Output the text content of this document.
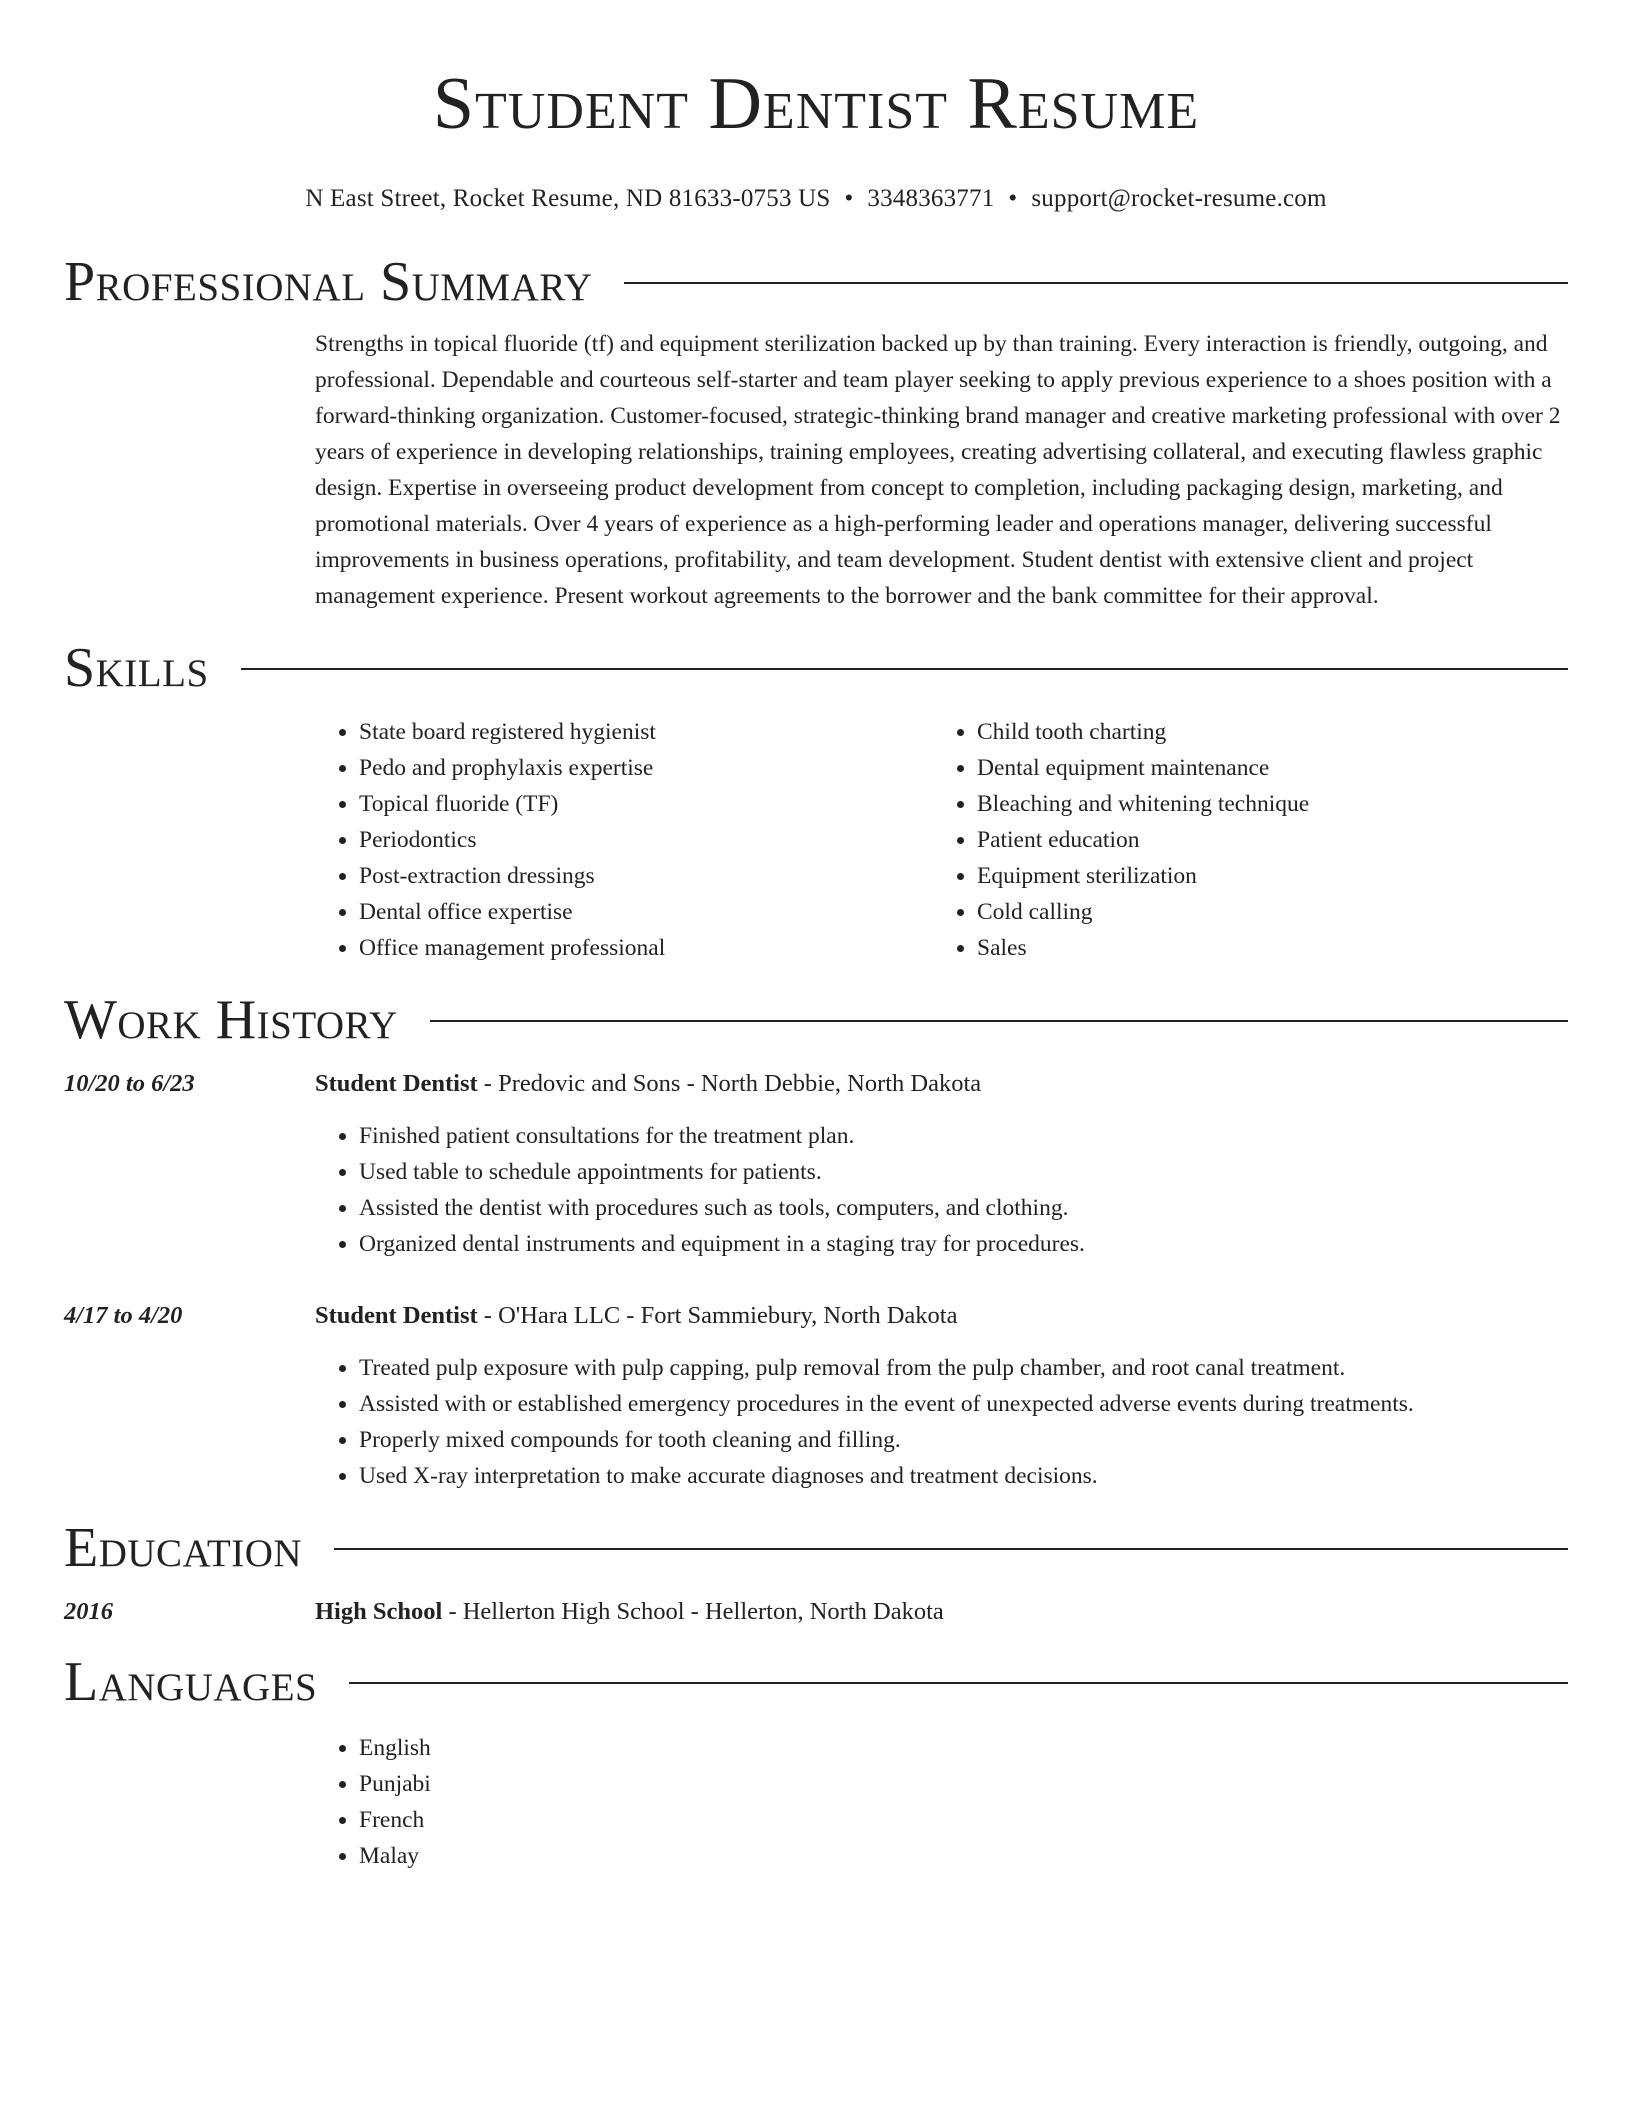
Student Dentist Resume
N East Street, Rocket Resume, ND 81633-0753 US • 3348363771 • support@rocket-resume.com
Professional Summary

Strengths in topical fluoride (tf) and equipment sterilization backed up by than training. Every interaction is friendly, outgoing, and professional. Dependable and courteous self-starter and team player seeking to apply previous experience to a shoes position with a forward-thinking organization. Customer-focused, strategic-thinking brand manager and creative marketing professional with over 2 years of experience in developing relationships, training employees, creating advertising collateral, and executing flawless graphic design. Expertise in overseeing product development from concept to completion, including packaging design, marketing, and promotional materials. Over 4 years of experience as a high-performing leader and operations manager, delivering successful improvements in business operations, profitability, and team development. Student dentist with extensive client and project management experience. Present workout agreements to the borrower and the bank committee for their approval.

Skills
• State board registered hygienist
• Pedo and prophylaxis expertise
• Topical fluoride (TF)
• Periodontics
• Post-extraction dressings
• Dental office expertise
• Office management professional
• Child tooth charting
• Dental equipment maintenance
• Bleaching and whitening technique
• Patient education
• Equipment sterilization
• Cold calling
• Sales
Work History
10/20 to 6/23	Student Dentist - Predovic and Sons - North Debbie, North Dakota
• Finished patient consultations for the treatment plan.
• Used table to schedule appointments for patients.
• Assisted the dentist with procedures such as tools, computers, and clothing.
• Organized dental instruments and equipment in a staging tray for procedures.
4/17 to 4/20	Student Dentist - O'Hara LLC - Fort Sammiebury, North Dakota
• Treated pulp exposure with pulp capping, pulp removal from the pulp chamber, and root canal treatment.
• Assisted with or established emergency procedures in the event of unexpected adverse events during treatments.
• Properly mixed compounds for tooth cleaning and filling.
• Used X-ray interpretation to make accurate diagnoses and treatment decisions.
Education
2016	High School - Hellerton High School - Hellerton, North Dakota
Languages
• English
• Punjabi
• French
• Malay
